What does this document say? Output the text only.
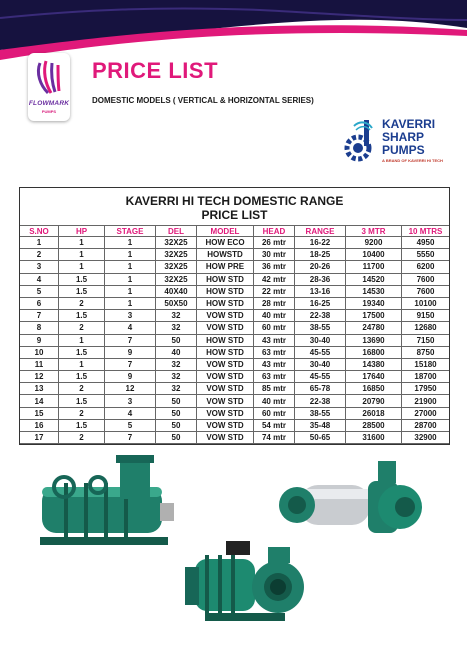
FLOWMARK
PUMPS
PRICE LIST
DOMESTIC MODELS ( VERTICAL & HORIZONTAL SERIES)
KAVERRI
SHARP
PUMPS
A BRAND OF KAVERRI HI TECH
KAVERRI HI TECH DOMESTIC RANGE
PRICE LIST
S.NO	HP	STAGE	DEL	MODEL	HEAD	RANGE	3 MTR	10 MTRS
1	1	1	32X25	HOW ECO	26 mtr	16-22	9200	4950
2	1	1	32X25	HOWSTD	30 mtr	18-25	10400	5550
3	1	1	32X25	HOW PRE	36 mtr	20-26	11700	6200
4	1.5	1	32X25	HOW STD	42 mtr	28-36	14520	7600
5	1.5	1	40X40	HOW STD	22 mtr	13-16	14530	7600
6	2	1	50X50	HOW STD	28 mtr	16-25	19340	10100
7	1.5	3	32	VOW STD	40 mtr	22-38	17500	9150
8	2	4	32	VOW STD	60 mtr	38-55	24780	12680
9	1	7	50	HOW STD	43 mtr	30-40	13690	7150
10	1.5	9	40	HOW STD	63 mtr	45-55	16800	8750
11	1	7	32	VOW STD	43 mtr	30-40	14380	15180
12	1.5	9	32	VOW STD	63 mtr	45-55	17640	18700
13	2	12	32	VOW STD	85 mtr	65-78	16850	17950
14	1.5	3	50	VOW STD	40 mtr	22-38	20790	21900
15	2	4	50	VOW STD	60 mtr	38-55	26018	27000
16	1.5	5	50	VOW STD	54 mtr	35-48	28500	28700
17	2	7	50	VOW STD	74 mtr	50-65	31600	32900
